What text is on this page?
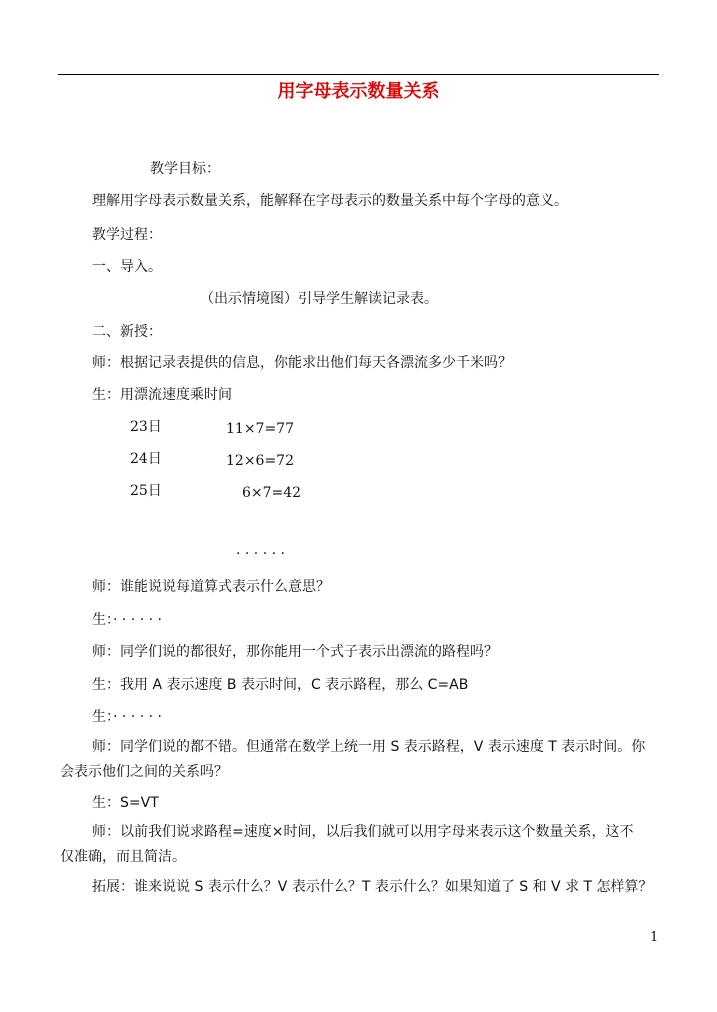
用字母表示数量关系
教学目标：
理解用字母表示数量关系，能解释在字母表示的数量关系中每个字母的意义。
教学过程：
一、导入。
（出示情境图）引导学生解读记录表。
二、新授：
师：根据记录表提供的信息，你能求出他们每天各漂流多少千米吗？
生：用漂流速度乘时间
23日	11×7=77
24日	12×6=72
25日	6×7=42
· · · · · ·
师：谁能说说每道算式表示什么意思？
生：· · · · · ·
师：同学们说的都很好，那你能用一个式子表示出漂流的路程吗？
生：我用 A 表示速度 B 表示时间，C 表示路程，那么 C=AB
生：· · · · · ·
师：同学们说的都不错。但通常在数学上统一用 S 表示路程，V 表示速度 T 表示时间。你
会表示他们之间的关系吗？
生：S=VT
师：以前我们说求路程=速度×时间，以后我们就可以用字母来表示这个数量关系，这不
仅准确，而且简洁。
拓展：谁来说说 S 表示什么？V 表示什么？T 表示什么？如果知道了 S 和 V 求 T 怎样算？
1
